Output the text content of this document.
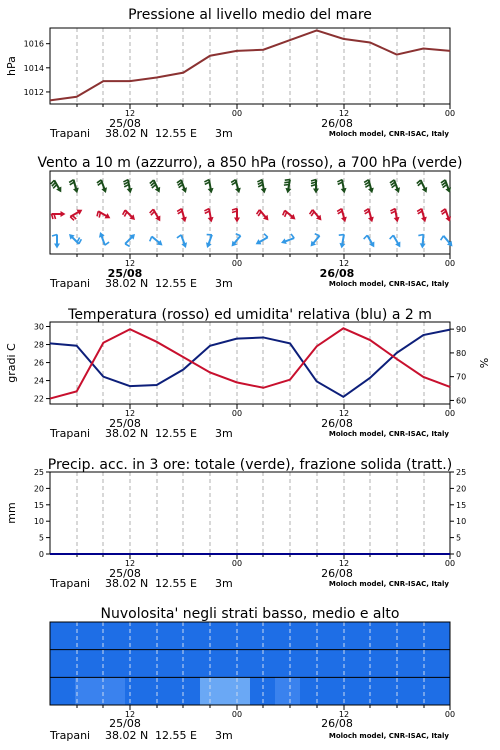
Pressione al livello medio del mare
12	00	12	00
25/08	26/08
Trapani 38.02 N 12.55 E 3m	Moloch model, CNR-ISAC, Italy
1012
1014
1016
hPa
Vento a 10 m (azzurro), a 850 hPa (rosso), a 700 hPa (verde)
12	00	12	00
25/08	26/08
Trapani 38.02 N 12.55 E 3m	Moloch model, CNR-ISAC, Italy
Temperatura (rosso) ed umidita' relativa (blu) a 2 m
12	00	12	00
25/08	26/08
Trapani 38.02 N 12.55 E 3m	Moloch model, CNR-ISAC, Italy
22
24
26
28
30
60
70
80
90
gradi C	%
Precip. acc. in 3 ore: totale (verde), frazione solida (tratt.)
12	00	12	00
25/08	26/08
Trapani 38.02 N 12.55 E 3m	Moloch model, CNR-ISAC, Italy
0	0
5	5
10	10
15	15
20	20
25	25
mm
Nuvolosita' negli strati basso, medio e alto
12	00	12	00
25/08	26/08
Trapani 38.02 N 12.55 E 3m	Moloch model, CNR-ISAC, Italy
